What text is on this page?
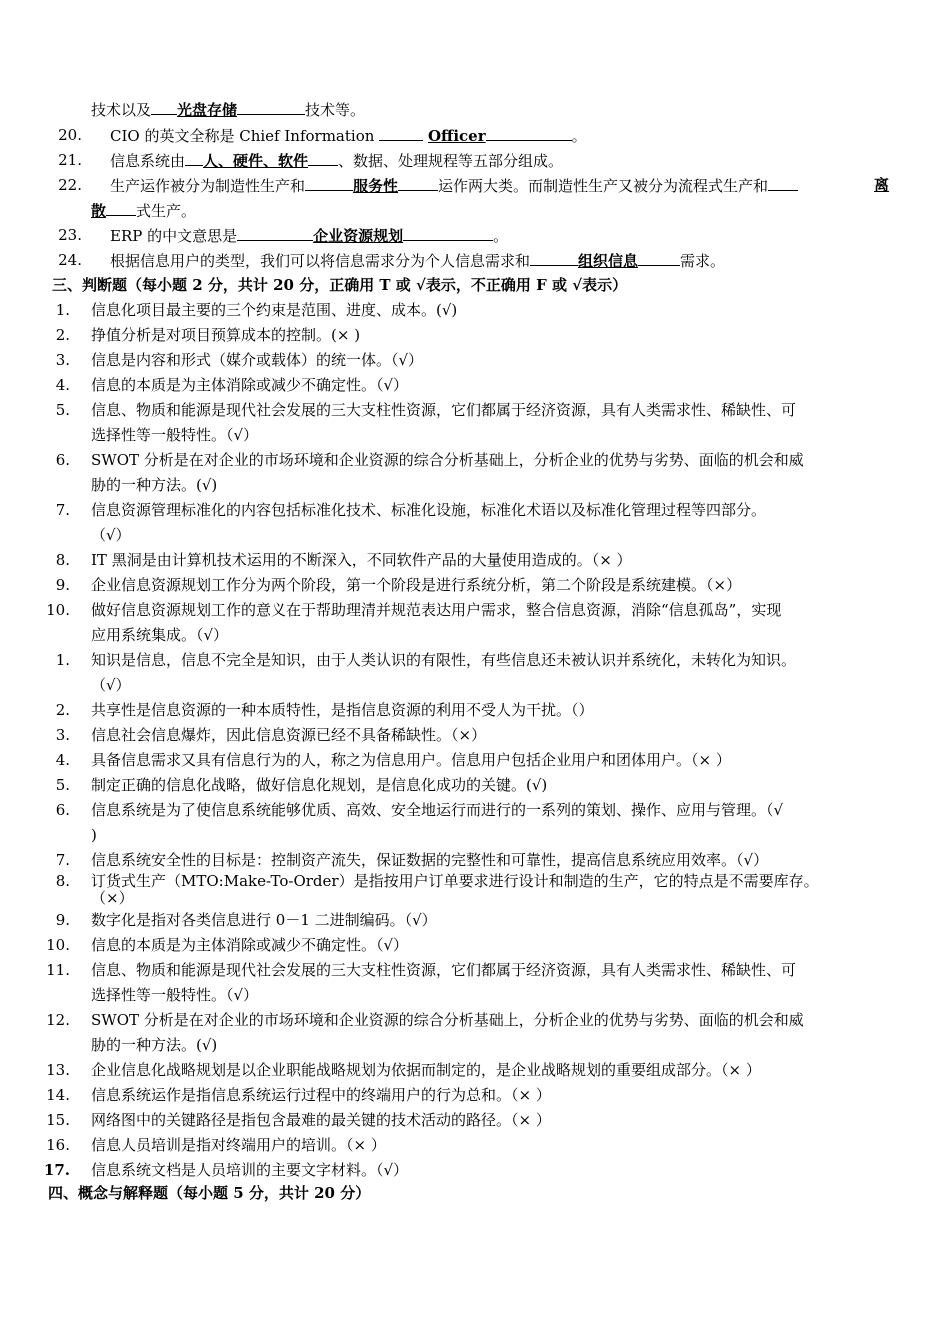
技术以及 光盘存储	技术等。
20. CIO 的英文全称是 Chief Information	Officer	。
21. 信息系统由 人、硬件、软件 、数据、处理规程等五部分组成。
22. 生产运作被分为制造性生产和	服务性	运作两大类。而制造性生产又被分为流程式生产和	离
散 式生产。
23. ERP 的中文意思是	企业资源规划	。
24. 根据信息用户的类型，我们可以将信息需求分为个人信息需求和	组织信息	需求。
三、判断题（每小题 2 分，共计 20 分，正确用 T 或 √表示，不正确用 F 或 √表示）
1. 信息化项目最主要的三个约束是范围、进度、成本。(√)
2. 挣值分析是对项目预算成本的控制。(× )
3. 信息是内容和形式（媒介或载体）的统一体。（√）
4. 信息的本质是为主体消除或减少不确定性。（√）
5. 信息、物质和能源是现代社会发展的三大支柱性资源，它们都属于经济资源，具有人类需求性、稀缺性、可
选择性等一般特性。（√）
6. SWOT 分析是在对企业的市场环境和企业资源的综合分析基础上，分析企业的优势与劣势、面临的机会和威
胁的一种方法。(√)
7. 信息资源管理标准化的内容包括标准化技术、标准化设施，标准化术语以及标准化管理过程等四部分。
（√）
8. IT 黑洞是由计算机技术运用的不断深入，不同软件产品的大量使用造成的。（× ）
9. 企业信息资源规划工作分为两个阶段，第一个阶段是进行系统分析，第二个阶段是系统建模。（×）
10. 做好信息资源规划工作的意义在于帮助理清并规范表达用户需求，整合信息资源，消除“信息孤岛”，实现
应用系统集成。（√）
1. 知识是信息，信息不完全是知识，由于人类认识的有限性，有些信息还未被认识并系统化，未转化为知识。
（√）
2. 共享性是信息资源的一种本质特性，是指信息资源的利用不受人为干扰。（）
3. 信息社会信息爆炸，因此信息资源已经不具备稀缺性。（×）
4. 具备信息需求又具有信息行为的人，称之为信息用户。信息用户包括企业用户和团体用户。（× ）
5. 制定正确的信息化战略，做好信息化规划，是信息化成功的关键。(√)
6. 信息系统是为了使信息系统能够优质、高效、安全地运行而进行的一系列的策划、操作、应用与管理。（√
)
7. 信息系统安全性的目标是：控制资产流失，保证数据的完整性和可靠性，提高信息系统应用效率。（√）
8. 订货式生产（MTO:Make-To-Order）是指按用户订单要求进行设计和制造的生产，它的特点是不需要库存。
（×）
9. 数字化是指对各类信息进行 0－1 二进制编码。（√）
10. 信息的本质是为主体消除或减少不确定性。（√）
11. 信息、物质和能源是现代社会发展的三大支柱性资源，它们都属于经济资源，具有人类需求性、稀缺性、可
选择性等一般特性。（√）
12. SWOT 分析是在对企业的市场环境和企业资源的综合分析基础上，分析企业的优势与劣势、面临的机会和威
胁的一种方法。(√)
13. 企业信息化战略规划是以企业职能战略规划为依据而制定的，是企业战略规划的重要组成部分。（× ）
14. 信息系统运作是指信息系统运行过程中的终端用户的行为总和。（× ）
15. 网络图中的关键路径是指包含最难的最关键的技术活动的路径。（× ）
16. 信息人员培训是指对终端用户的培训。（× ）
17. 信息系统文档是人员培训的主要文字材料。（√）
四、概念与解释题（每小题 5 分，共计 20 分）
